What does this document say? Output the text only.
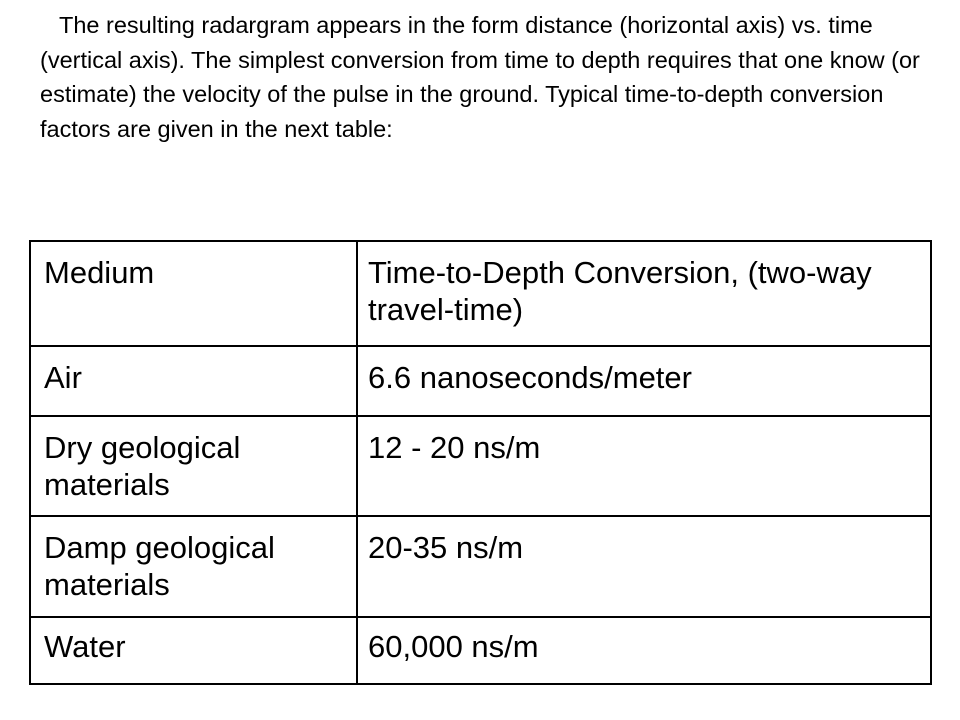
The resulting radargram appears in the form distance (horizontal axis) vs. time (vertical axis). The simplest conversion from time to depth requires that one know (or estimate) the velocity of the pulse in the ground. Typical time-to-depth conversion factors are given in the next table:

Medium	Time-to-Depth Conversion, (two-way travel-time)
Air	6.6 nanoseconds/meter
Dry geological materials	12 - 20 ns/m
Damp geological materials	20-35 ns/m
Water	60,000 ns/m
